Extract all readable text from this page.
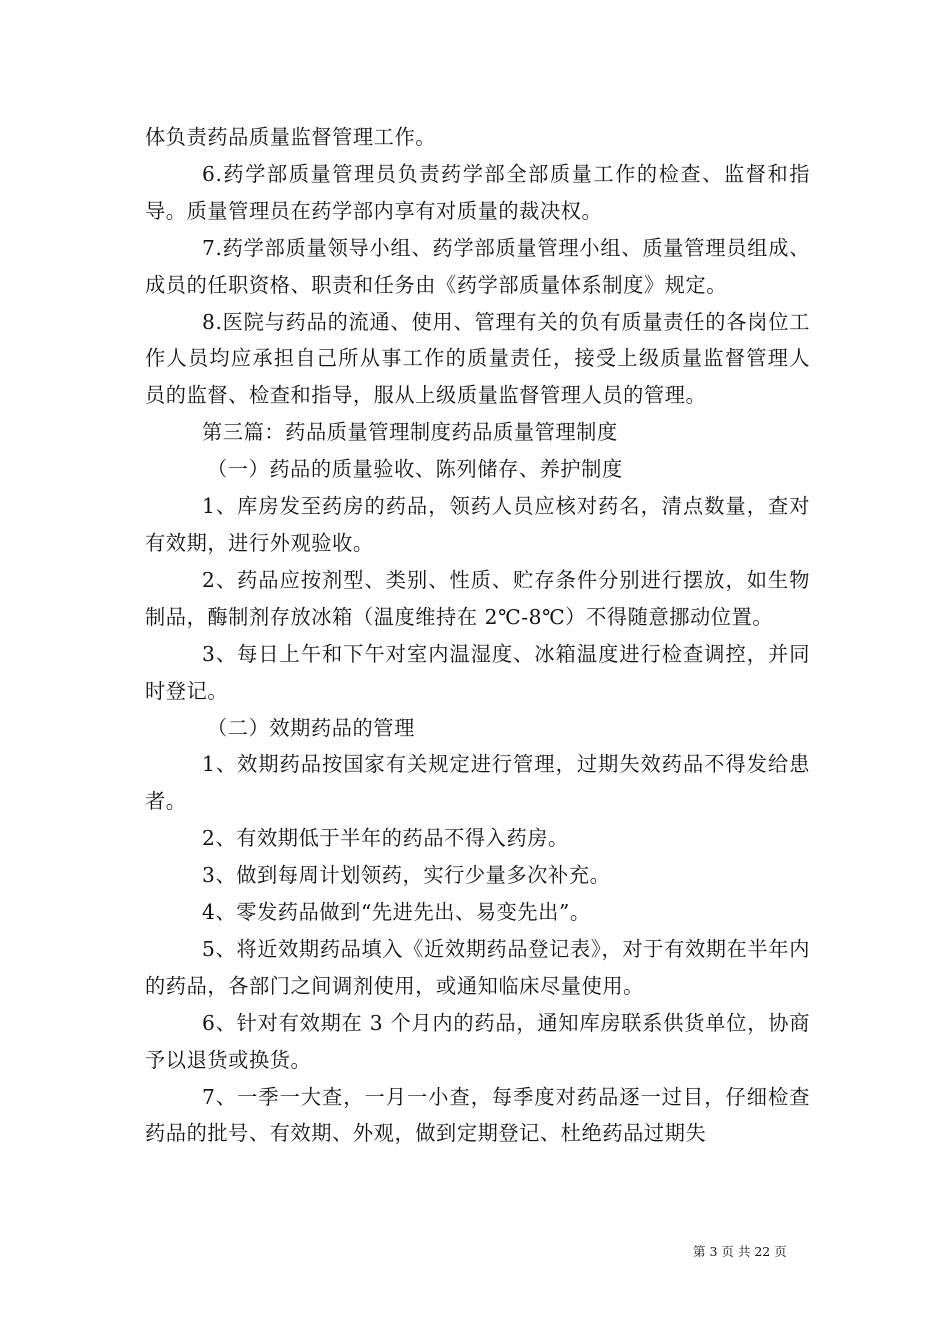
体负责药品质量监督管理工作。

6.药学部质量管理员负责药学部全部质量工作的检查、监督和指导。质量管理员在药学部内享有对质量的裁决权。

7.药学部质量领导小组、药学部质量管理小组、质量管理员组成、成员的任职资格、职责和任务由《药学部质量体系制度》规定。

8.医院与药品的流通、使用、管理有关的负有质量责任的各岗位工作人员均应承担自己所从事工作的质量责任，接受上级质量监督管理人员的监督、检查和指导，服从上级质量监督管理人员的管理。

第三篇：药品质量管理制度药品质量管理制度

（一）药品的质量验收、陈列储存、养护制度

1、库房发至药房的药品，领药人员应核对药名，清点数量，查对有效期，进行外观验收。

2、药品应按剂型、类别、性质、贮存条件分别进行摆放，如生物制品，酶制剂存放冰箱（温度维持在 2℃-8℃）不得随意挪动位置。

3、每日上午和下午对室内温湿度、冰箱温度进行检查调控，并同时登记。

（二）效期药品的管理

1、效期药品按国家有关规定进行管理，过期失效药品不得发给患者。

2、有效期低于半年的药品不得入药房。

3、做到每周计划领药，实行少量多次补充。

4、零发药品做到“先进先出、易变先出”。

5、将近效期药品填入《近效期药品登记表》，对于有效期在半年内的药品，各部门之间调剂使用，或通知临床尽量使用。

6、针对有效期在 3 个月内的药品，通知库房联系供货单位，协商予以退货或换货。

7、一季一大查，一月一小查，每季度对药品逐一过目，仔细检查药品的批号、有效期、外观，做到定期登记、杜绝药品过期失

第 3 页 共 22 页
